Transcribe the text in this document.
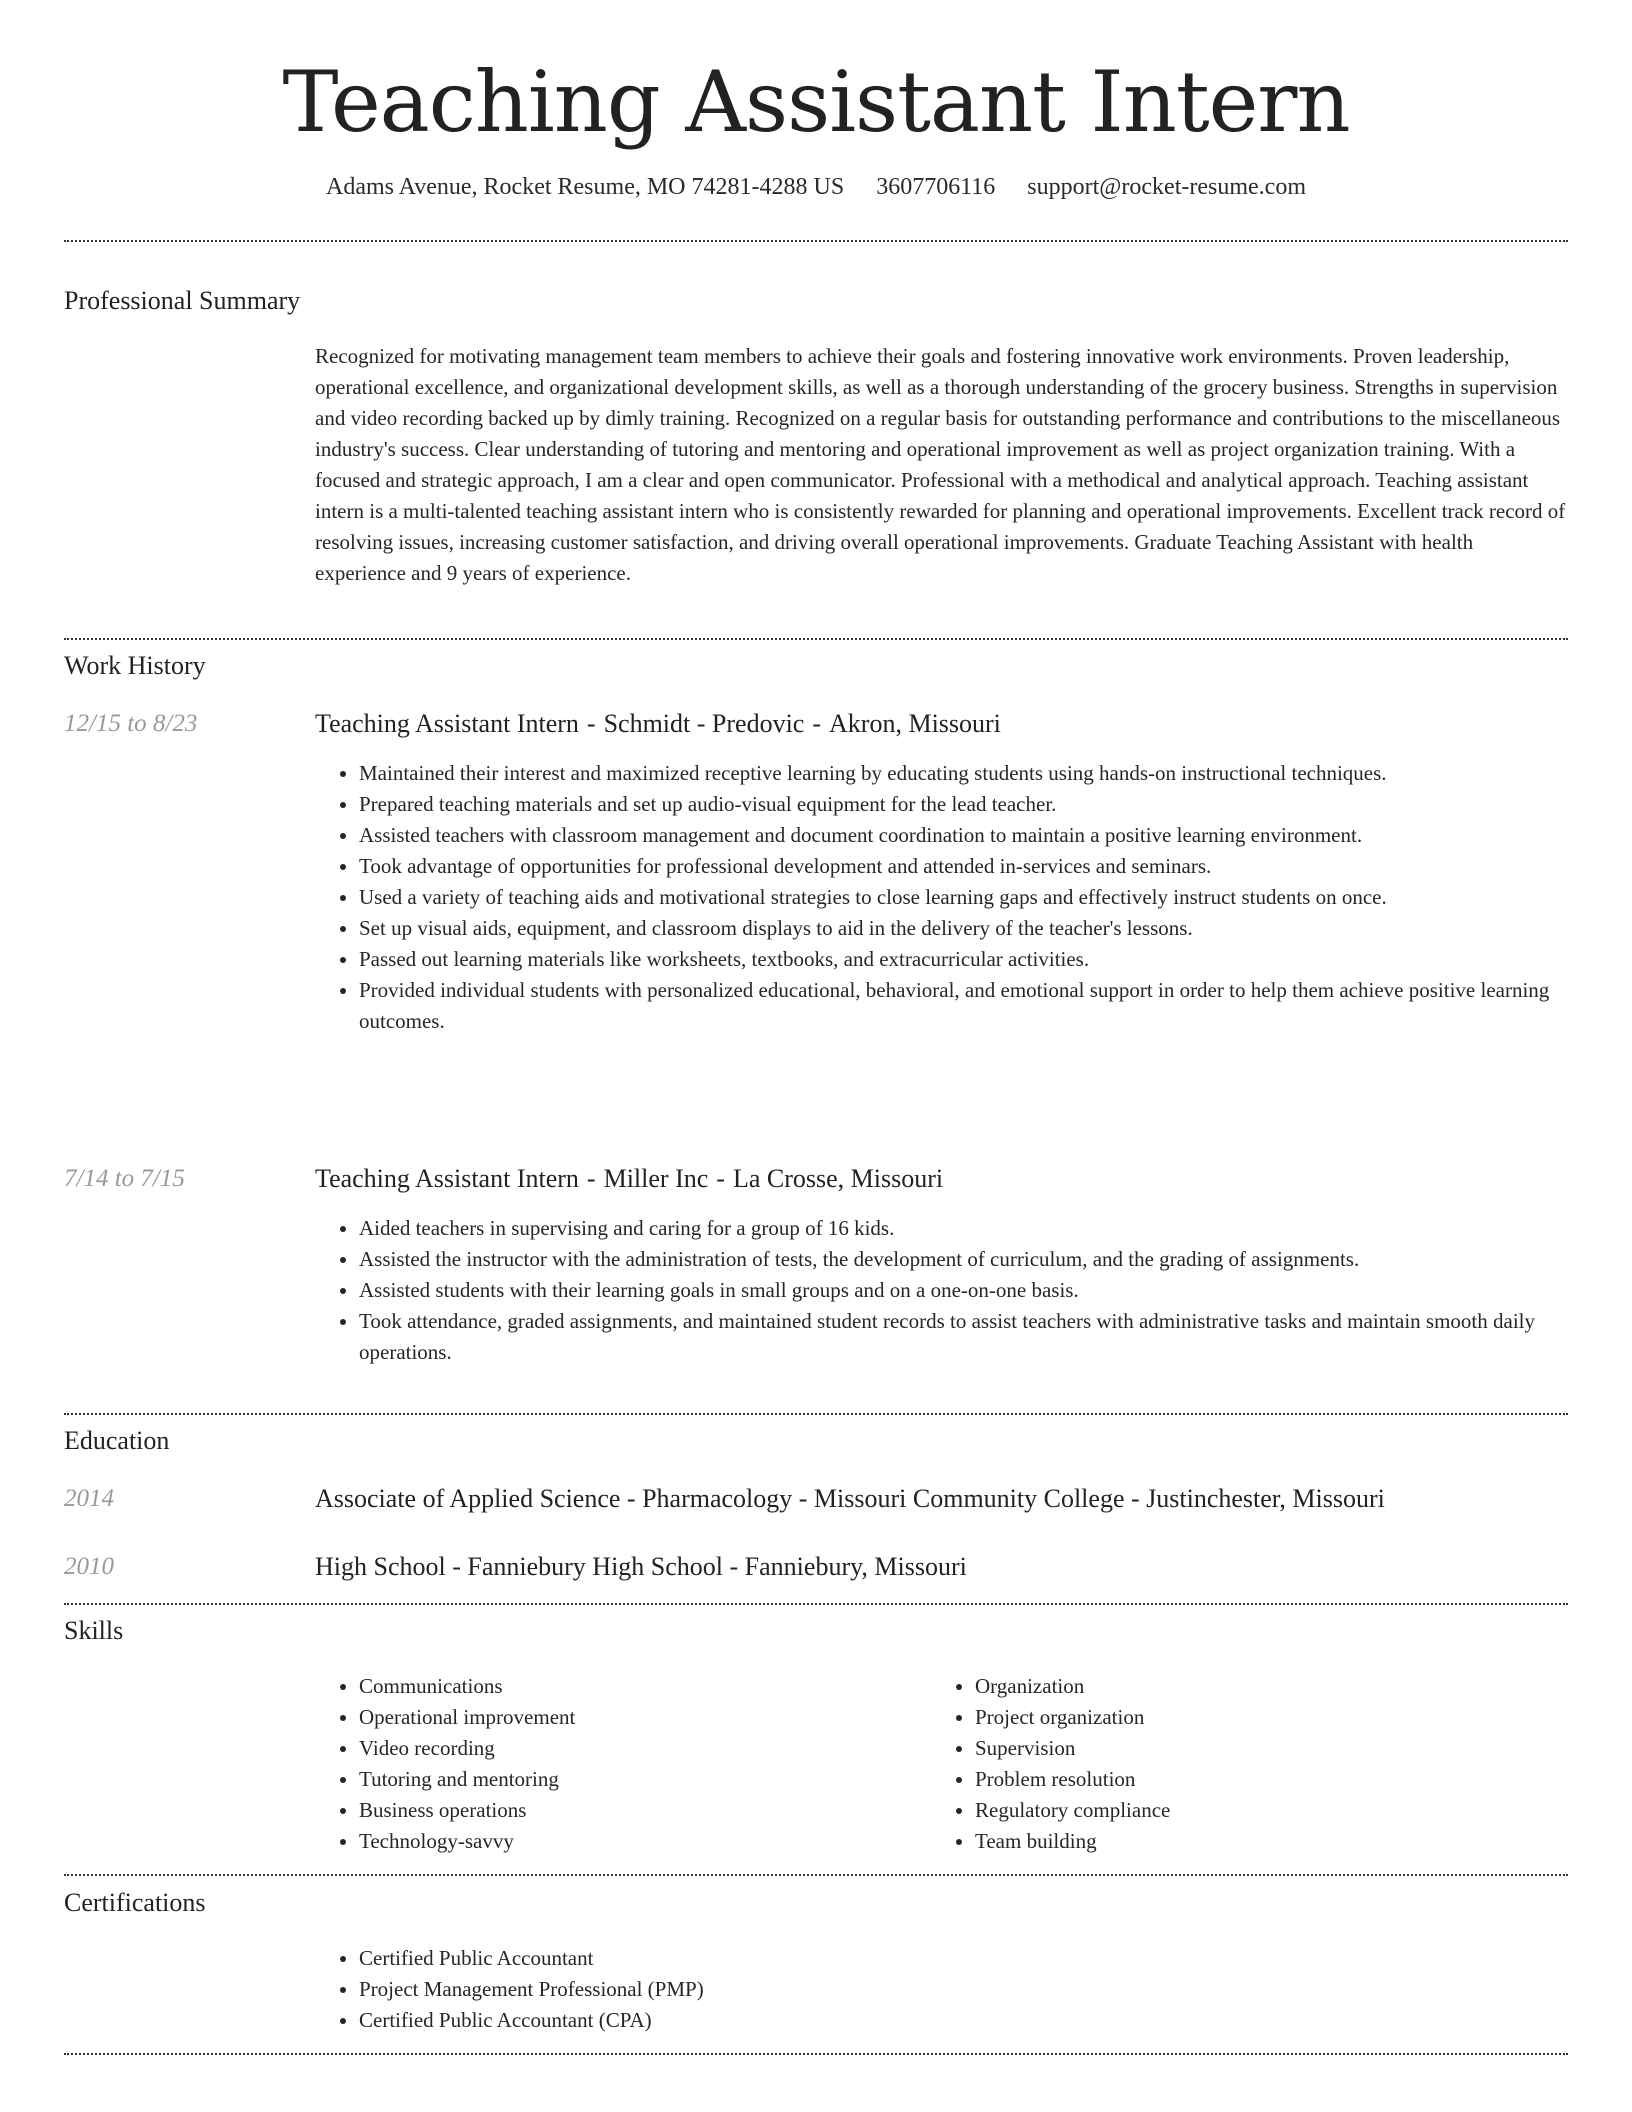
Teaching Assistant Intern
Adams Avenue, Rocket Resume, MO 74281-4288 US 3607706116 support@rocket-resume.com
Professional Summary

Recognized for motivating management team members to achieve their goals and fostering innovative work environments. Proven leadership, operational excellence, and organizational development skills, as well as a thorough understanding of the grocery business. Strengths in supervision and video recording backed up by dimly training. Recognized on a regular basis for outstanding performance and contributions to the miscellaneous industry's success. Clear understanding of tutoring and mentoring and operational improvement as well as project organization training. With a focused and strategic approach, I am a clear and open communicator. Professional with a methodical and analytical approach. Teaching assistant intern is a multi-talented teaching assistant intern who is consistently rewarded for planning and operational improvements. Excellent track record of resolving issues, increasing customer satisfaction, and driving overall operational improvements. Graduate Teaching Assistant with health experience and 9 years of experience.

Work History
12/15 to 8/23	Teaching Assistant Intern - Schmidt - Predovic - Akron, Missouri
• Maintained their interest and maximized receptive learning by educating students using hands-on instructional techniques.
• Prepared teaching materials and set up audio-visual equipment for the lead teacher.
• Assisted teachers with classroom management and document coordination to maintain a positive learning environment.
• Took advantage of opportunities for professional development and attended in-services and seminars.
• Used a variety of teaching aids and motivational strategies to close learning gaps and effectively instruct students on once.
• Set up visual aids, equipment, and classroom displays to aid in the delivery of the teacher's lessons.
• Passed out learning materials like worksheets, textbooks, and extracurricular activities.
• Provided individual students with personalized educational, behavioral, and emotional support in order to help them achieve positive learning outcomes.
7/14 to 7/15	Teaching Assistant Intern - Miller Inc - La Crosse, Missouri
• Aided teachers in supervising and caring for a group of 16 kids.
• Assisted the instructor with the administration of tests, the development of curriculum, and the grading of assignments.
• Assisted students with their learning goals in small groups and on a one-on-one basis.
• Took attendance, graded assignments, and maintained student records to assist teachers with administrative tasks and maintain smooth daily operations.
Education
2014	Associate of Applied Science - Pharmacology - Missouri Community College - Justinchester, Missouri
2010	High School - Fanniebury High School - Fanniebury, Missouri
Skills
• Communications
• Operational improvement
• Video recording
• Tutoring and mentoring
• Business operations
• Technology-savvy
• Organization
• Project organization
• Supervision
• Problem resolution
• Regulatory compliance
• Team building
Certifications
• Certified Public Accountant
• Project Management Professional (PMP)
• Certified Public Accountant (CPA)
